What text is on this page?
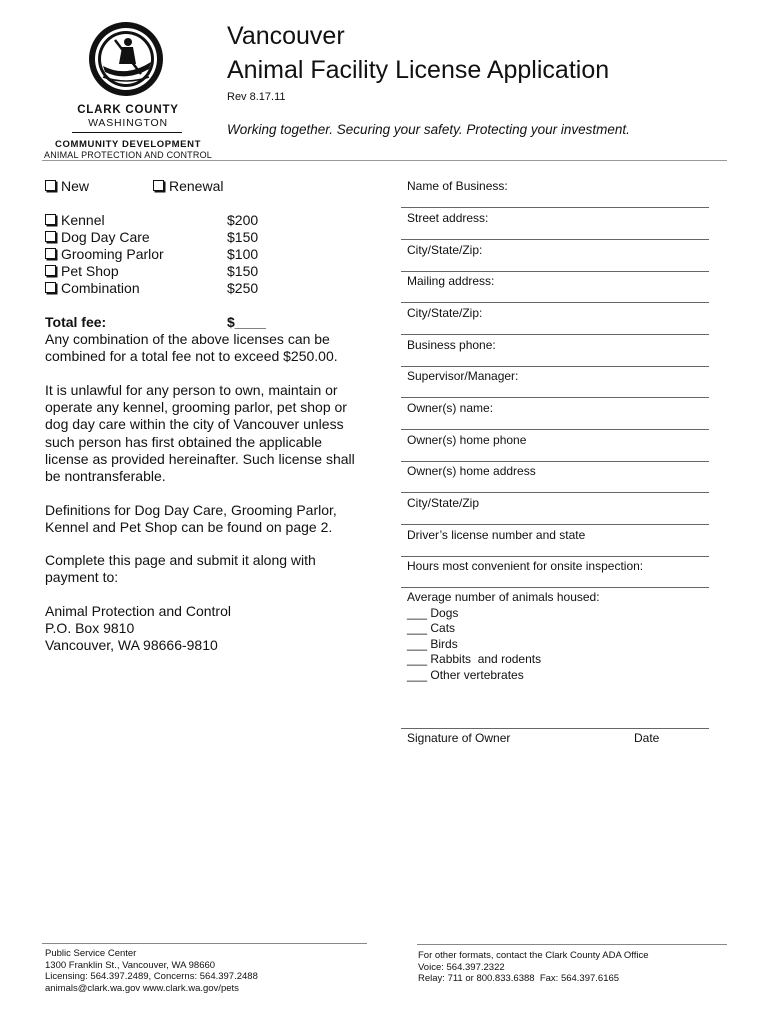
CLARK COUNTY
WASHINGTON
COMMUNITY DEVELOPMENT
ANIMAL PROTECTION AND CONTROL
Vancouver
Animal Facility License Application
Rev 8.17.11
Working together. Securing your safety. Protecting your investment.
New	Renewal
Kennel	$200
Dog Day Care	$150
Grooming Parlor	$100
Pet Shop	$150
Combination	$250
Total fee:	$____
Any combination of the above licenses can be combined for a total fee not to exceed $250.00.
It is unlawful for any person to own, maintain or operate any kennel, grooming parlor, pet shop or dog day care within the city of Vancouver unless such person has first obtained the applicable license as provided hereinafter. Such license shall be nontransferable.
Definitions for Dog Day Care, Grooming Parlor, Kennel and Pet Shop can be found on page 2.
Complete this page and submit it along with payment to:
Animal Protection and Control
P.O. Box 9810
Vancouver, WA 98666-9810
Name of Business:
Street address:
City/State/Zip:
Mailing address:
City/State/Zip:
Business phone:
Supervisor/Manager:
Owner(s) name:
Owner(s) home phone
Owner(s) home address
City/State/Zip
Driver’s license number and state
Hours most convenient for onsite inspection:
Average number of animals housed:
___ Dogs
___ Cats
___ Birds
___ Rabbits  and rodents
___ Other vertebrates
Signature of Owner	Date
Public Service Center
1300 Franklin St., Vancouver, WA 98660
Licensing: 564.397.2489, Concerns: 564.397.2488
animals@clark.wa.gov www.clark.wa.gov/pets
For other formats, contact the Clark County ADA Office
Voice: 564.397.2322
Relay: 711 or 800.833.6388  Fax: 564.397.6165
